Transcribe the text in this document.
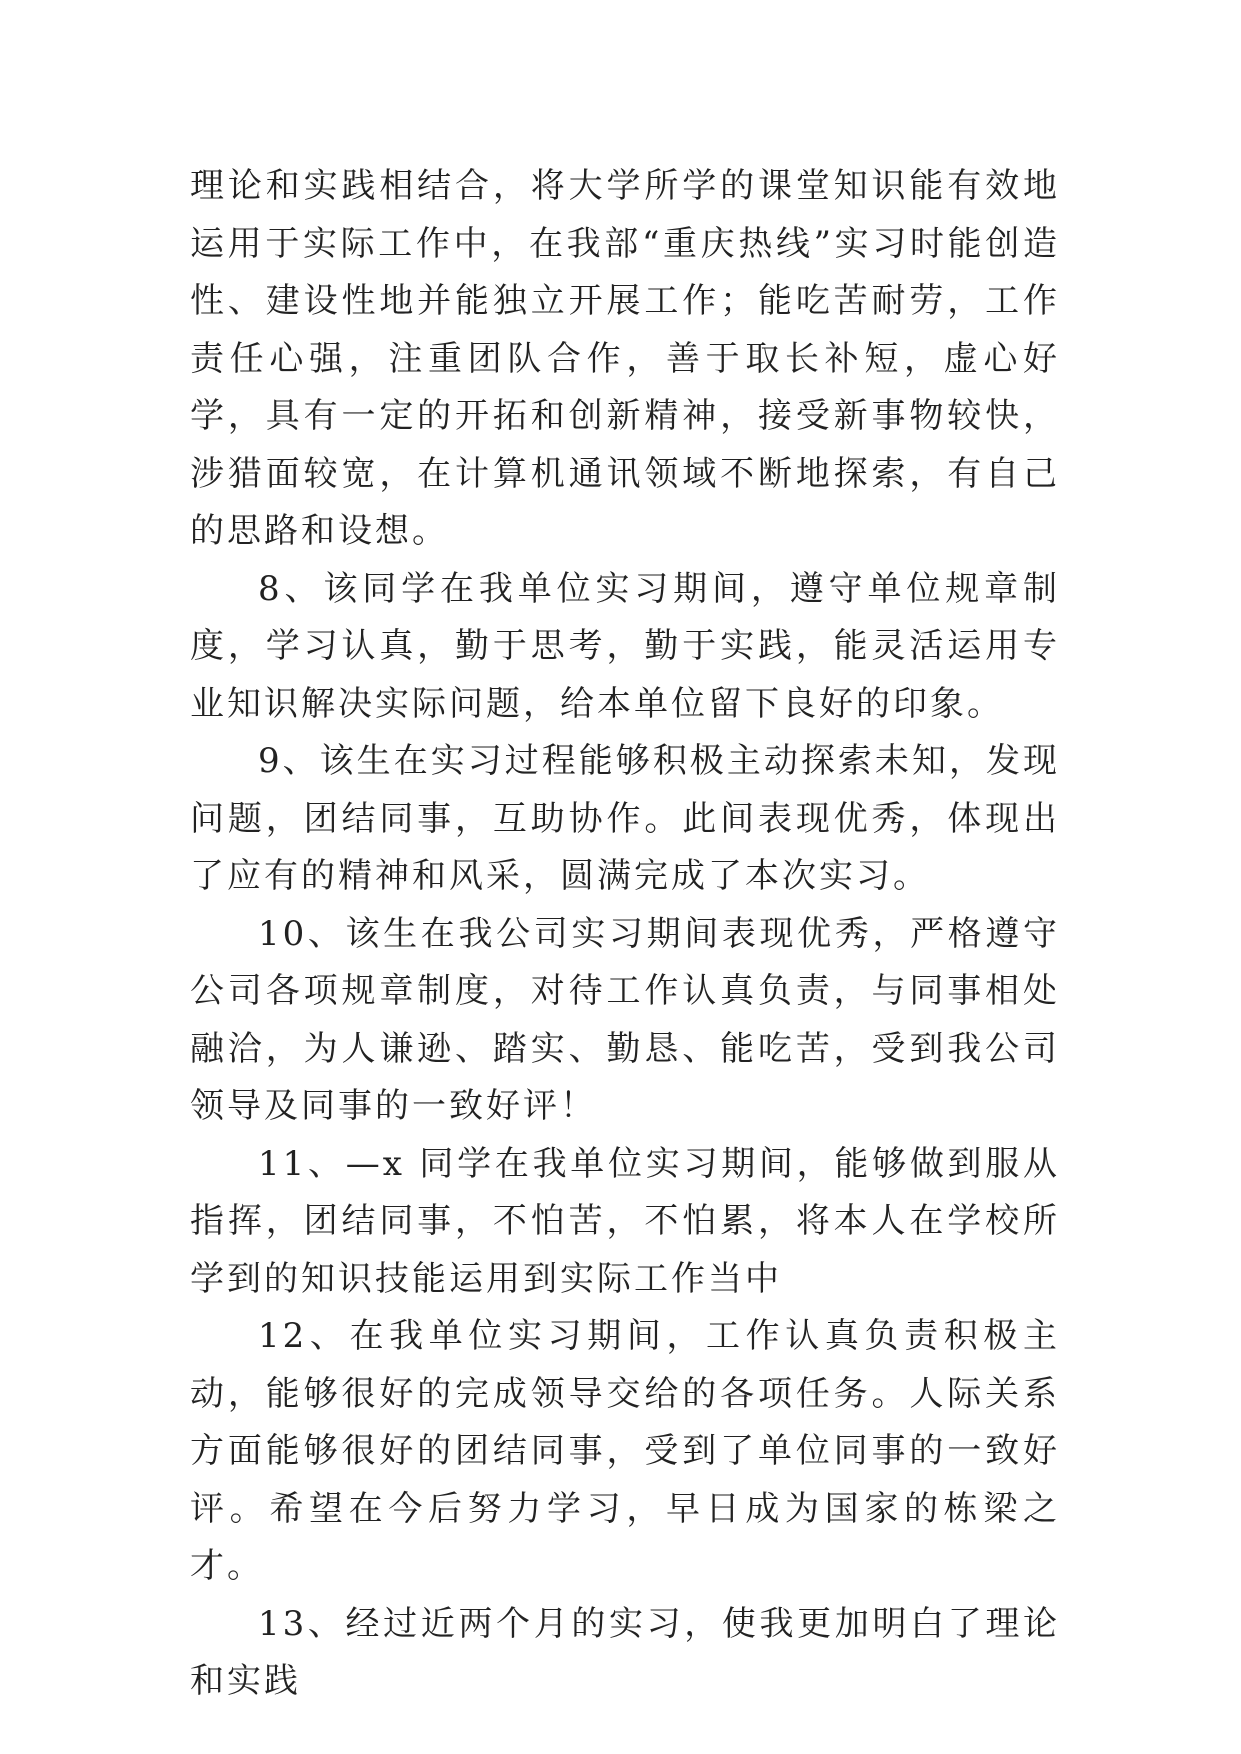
理论和实践相结合，将大学所学的课堂知识能有效地运用于实际工作中，在我部“重庆热线”实习时能创造性、建设性地并能独立开展工作；能吃苦耐劳，工作责任心强，注重团队合作，善于取长补短，虚心好学，具有一定的开拓和创新精神，接受新事物较快，涉猎面较宽，在计算机通讯领域不断地探索，有自己的思路和设想。

8、该同学在我单位实习期间，遵守单位规章制度，学习认真，勤于思考，勤于实践，能灵活运用专业知识解决实际问题，给本单位留下良好的印象。

9、该生在实习过程能够积极主动探索未知，发现问题，团结同事，互助协作。此间表现优秀，体现出了应有的精神和风采，圆满完成了本次实习。

10、该生在我公司实习期间表现优秀，严格遵守公司各项规章制度，对待工作认真负责，与同事相处融洽，为人谦逊、踏实、勤恳、能吃苦，受到我公司领导及同事的一致好评！

11、—x 同学在我单位实习期间，能够做到服从指挥，团结同事，不怕苦，不怕累，将本人在学校所学到的知识技能运用到实际工作当中

12、在我单位实习期间，工作认真负责积极主动，能够很好的完成领导交给的各项任务。人际关系方面能够很好的团结同事，受到了单位同事的一致好评。希望在今后努力学习，早日成为国家的栋梁之才。

13、经过近两个月的实习，使我更加明白了理论和实践
